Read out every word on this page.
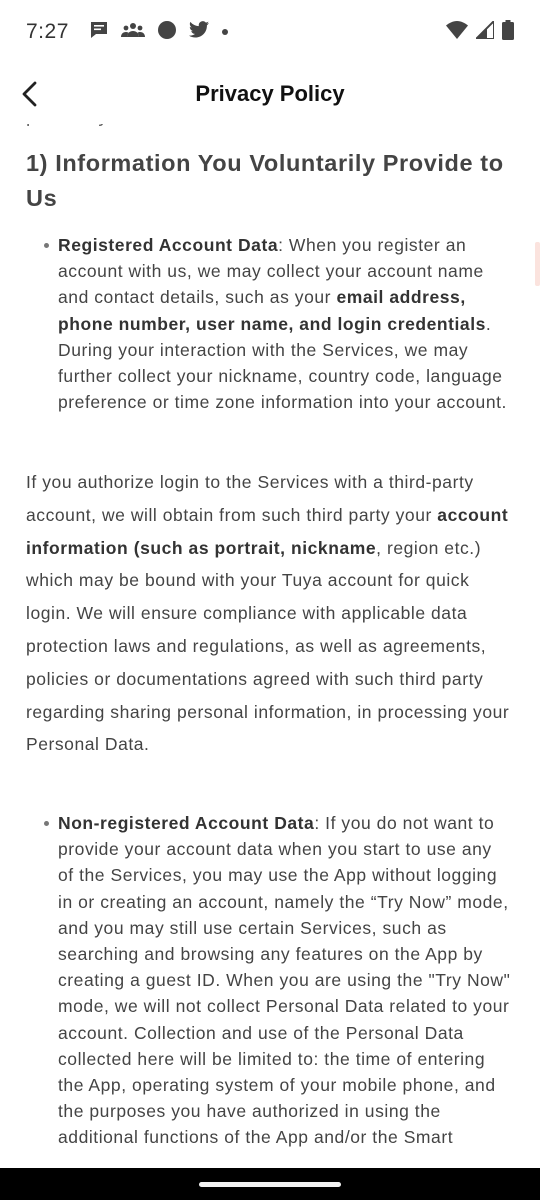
7:27
Privacy Policy
1) Information You Voluntarily Provide to Us
Registered Account Data: When you register an account with us, we may collect your account name and contact details, such as your email address, phone number, user name, and login credentials. During your interaction with the Services, we may further collect your nickname, country code, language preference or time zone information into your account.

If you authorize login to the Services with a third-party account, we will obtain from such third party your account information (such as portrait, nickname, region etc.) which may be bound with your Tuya account for quick login. We will ensure compliance with applicable data protection laws and regulations, as well as agreements, policies or documentations agreed with such third party regarding sharing personal information, in processing your Personal Data.

Non-registered Account Data: If you do not want to provide your account data when you start to use any of the Services, you may use the App without logging in or creating an account, namely the “Try Now” mode, and you may still use certain Services, such as searching and browsing any features on the App by creating a guest ID. When you are using the "Try Now" mode, we will not collect Personal Data related to your account. Collection and use of the Personal Data collected here will be limited to: the time of entering the App, operating system of your mobile phone, and the purposes you have authorized in using the additional functions of the App and/or the Smart
